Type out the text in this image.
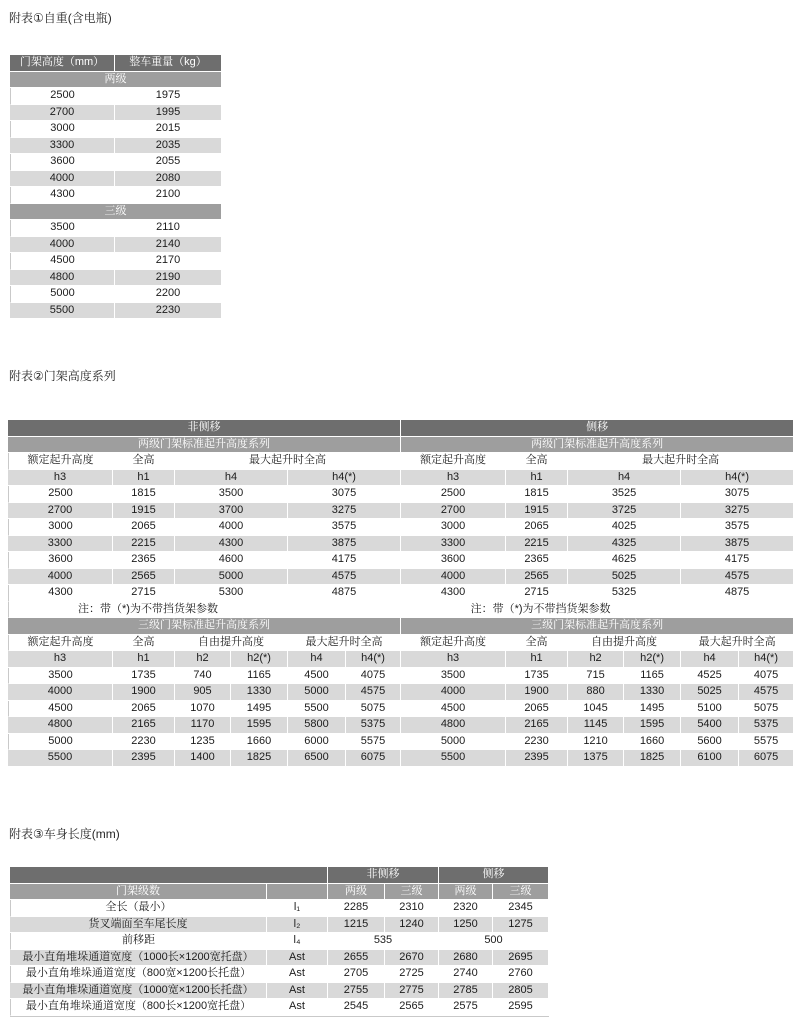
附表①自重(含电瓶)
门架高度（mm）	整车重量（kg）
两级	
2500	1975
2700	1995
3000	2015
3300	2035
3600	2055
4000	2080
4300	2100
三级	
3500	2110
4000	2140
4500	2170
4800	2190
5000	2200
5500	2230
附表②门架高度系列
非侧移						侧移					
两级门架标准起升高度系列						两级门架标准起升高度系列					
额定起升高度	全高	最大起升时全高				额定起升高度	全高	最大起升时全高			
h3	h1	h4		h4(*)		h3	h1	h4		h4(*)	
2500	1815	3500		3075		2500	1815	3525		3075	
2700	1915	3700		3275		2700	1915	3725		3275	
3000	2065	4000		3575		3000	2065	4025		3575	
3300	2215	4300		3875		3300	2215	4325		3875	
3600	2365	4600		4175		3600	2365	4625		4175	
4000	2565	5000		4575		4000	2565	5025		4575	
4300	2715	5300		4875		4300	2715	5325		4875	
注：带（*)为不带挡货架参数						注：带（*)为不带挡货架参数					
三级门架标准起升高度系列						三级门架标准起升高度系列					
额定起升高度	全高	自由提升高度		最大起升时全高		额定起升高度	全高	自由提升高度		最大起升时全高	
h3	h1	h2	h2(*)	h4	h4(*)	h3	h1	h2	h2(*)	h4	h4(*)
3500	1735	740	1165	4500	4075	3500	1735	715	1165	4525	4075
4000	1900	905	1330	5000	4575	4000	1900	880	1330	5025	4575
4500	2065	1070	1495	5500	5075	4500	2065	1045	1495	5100	5075
4800	2165	1170	1595	5800	5375	4800	2165	1145	1595	5400	5375
5000	2230	1235	1660	6000	5575	5000	2230	1210	1660	5600	5575
5500	2395	1400	1825	6500	6075	5500	2395	1375	1825	6100	6075
附表③车身长度(mm)
		非侧移		侧移	
门架级数		两级	三级	两级	三级
全长（最小）	l₁	2285	2310	2320	2345
货叉端面至车尾长度	l₂	1215	1240	1250	1275
前移距	l₄	535		500	
最小直角堆垛通道宽度（1000长×1200宽托盘）	Ast	2655	2670	2680	2695
最小直角堆垛通道宽度（800宽×1200长托盘）	Ast	2705	2725	2740	2760
最小直角堆垛通道宽度（1000宽×1200长托盘）	Ast	2755	2775	2785	2805
最小直角堆垛通道宽度（800长×1200宽托盘）	Ast	2545	2565	2575	2595
